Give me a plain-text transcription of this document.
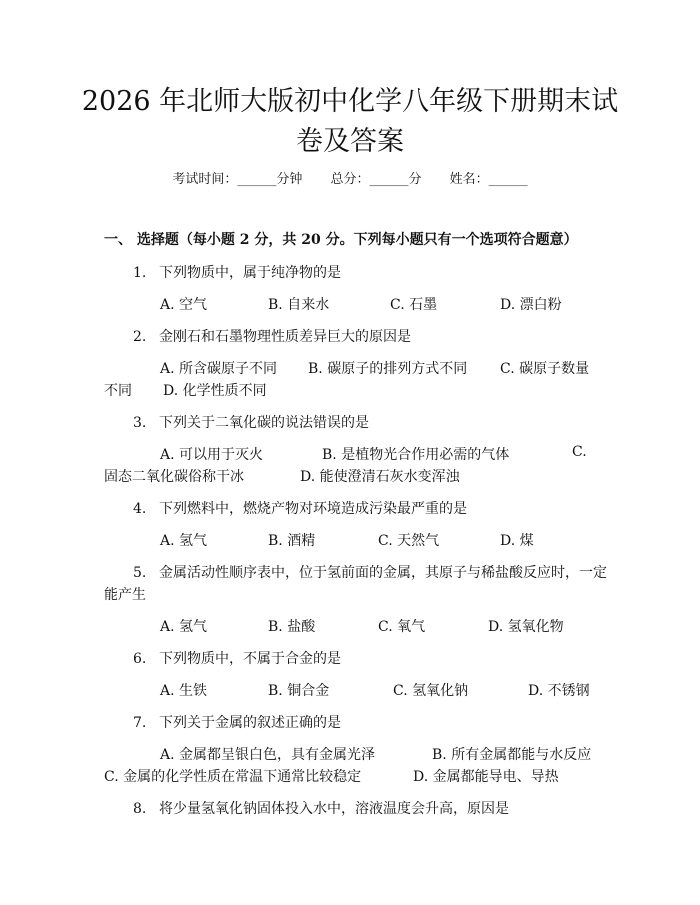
2026 年北师大版初中化学八年级下册期末试
卷及答案
考试时间：______分钟 总分：______分 姓名：______
一、 选择题（每小题 2 分，共 20 分。下列每小题只有一个选项符合题意）
1. 下列物质中，属于纯净物的是
A. 空气	B. 自来水	C. 石墨	D. 漂白粉
2. 金刚石和石墨物理性质差异巨大的原因是
A. 所含碳原子不同 B. 碳原子的排列方式不同 C. 碳原子数量
不同 D. 化学性质不同
3. 下列关于二氧化碳的说法错误的是
A. 可以用于灭火	B. 是植物光合作用必需的气体	C.
固态二氧化碳俗称干冰	D. 能使澄清石灰水变浑浊
4. 下列燃料中，燃烧产物对环境造成污染最严重的是
A. 氢气	B. 酒精	C. 天然气	D. 煤
5. 金属活动性顺序表中，位于氢前面的金属，其原子与稀盐酸反应时，一定
能产生
A. 氢气	B. 盐酸	C. 氧气	D. 氢氧化物
6. 下列物质中，不属于合金的是
A. 生铁	B. 铜合金	C. 氢氧化钠	D. 不锈钢
7. 下列关于金属的叙述正确的是
A. 金属都呈银白色，具有金属光泽	B. 所有金属都能与水反应
C. 金属的化学性质在常温下通常比较稳定	D. 金属都能导电、导热
8. 将少量氢氧化钠固体投入水中，溶液温度会升高，原因是
